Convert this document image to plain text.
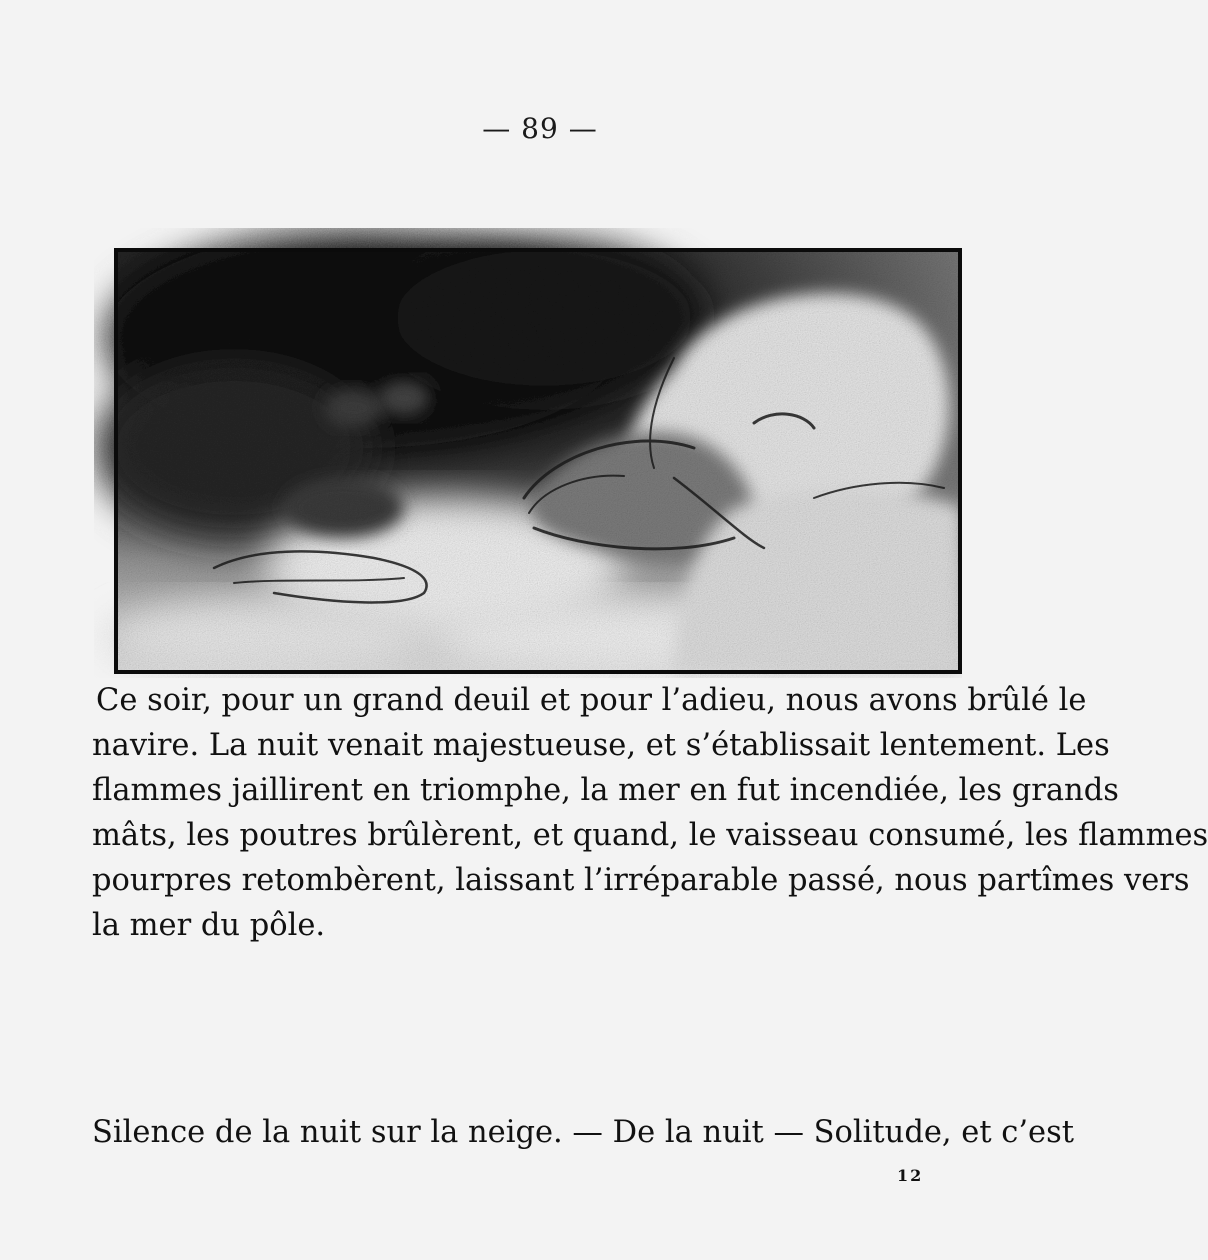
— 89 —
Ce soir, pour un grand deuil et pour l’adieu, nous avons brûlé le
navire. La nuit venait majestueuse, et s’établissait lentement. Les
flammes jaillirent en triomphe, la mer en fut incendiée, les grands
mâts, les poutres brûlèrent, et quand, le vaisseau consumé, les flammes
pourpres retombèrent, laissant l’irréparable passé, nous partîmes vers
la mer du pôle.
Silence de la nuit sur la neige. — De la nuit — Solitude, et c’est
12
